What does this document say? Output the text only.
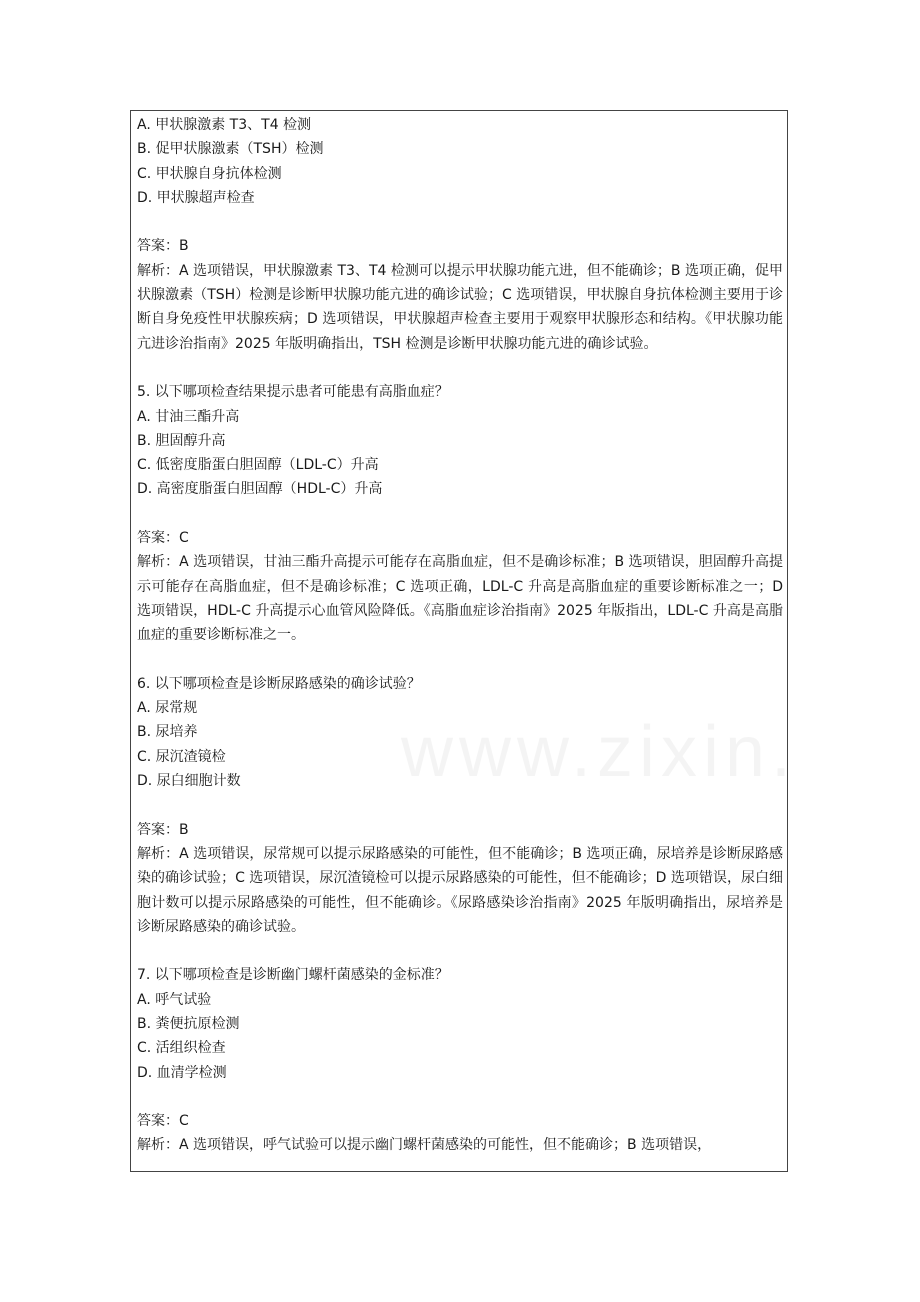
A. 甲状腺激素 T3、T4 检测
B. 促甲状腺激素（TSH）检测
C. 甲状腺自身抗体检测
D. 甲状腺超声检查
答案：B
解析：A 选项错误，甲状腺激素 T3、T4 检测可以提示甲状腺功能亢进，但不能确诊；B 选项正确，促甲状腺激素（TSH）检测是诊断甲状腺功能亢进的确诊试验；C 选项错误，甲状腺自身抗体检测主要用于诊断自身免疫性甲状腺疾病；D 选项错误，甲状腺超声检查主要用于观察甲状腺形态和结构。《甲状腺功能亢进诊治指南》2025 年版明确指出，TSH 检测是诊断甲状腺功能亢进的确诊试验。
5. 以下哪项检查结果提示患者可能患有高脂血症？
A. 甘油三酯升高
B. 胆固醇升高
C. 低密度脂蛋白胆固醇（LDL-C）升高
D. 高密度脂蛋白胆固醇（HDL-C）升高
答案：C
解析：A 选项错误，甘油三酯升高提示可能存在高脂血症，但不是确诊标准；B 选项错误，胆固醇升高提示可能存在高脂血症，但不是确诊标准；C 选项正确，LDL-C 升高是高脂血症的重要诊断标准之一；D 选项错误，HDL-C 升高提示心血管风险降低。《高脂血症诊治指南》2025 年版指出，LDL-C 升高是高脂血症的重要诊断标准之一。
6. 以下哪项检查是诊断尿路感染的确诊试验？
A. 尿常规
B. 尿培养
C. 尿沉渣镜检
D. 尿白细胞计数
答案：B
解析：A 选项错误，尿常规可以提示尿路感染的可能性，但不能确诊；B 选项正确，尿培养是诊断尿路感染的确诊试验；C 选项错误，尿沉渣镜检可以提示尿路感染的可能性，但不能确诊；D 选项错误，尿白细胞计数可以提示尿路感染的可能性，但不能确诊。《尿路感染诊治指南》2025 年版明确指出，尿培养是诊断尿路感染的确诊试验。
7. 以下哪项检查是诊断幽门螺杆菌感染的金标准？
A. 呼气试验
B. 粪便抗原检测
C. 活组织检查
D. 血清学检测
答案：C
解析：A 选项错误，呼气试验可以提示幽门螺杆菌感染的可能性，但不能确诊；B 选项错误，
